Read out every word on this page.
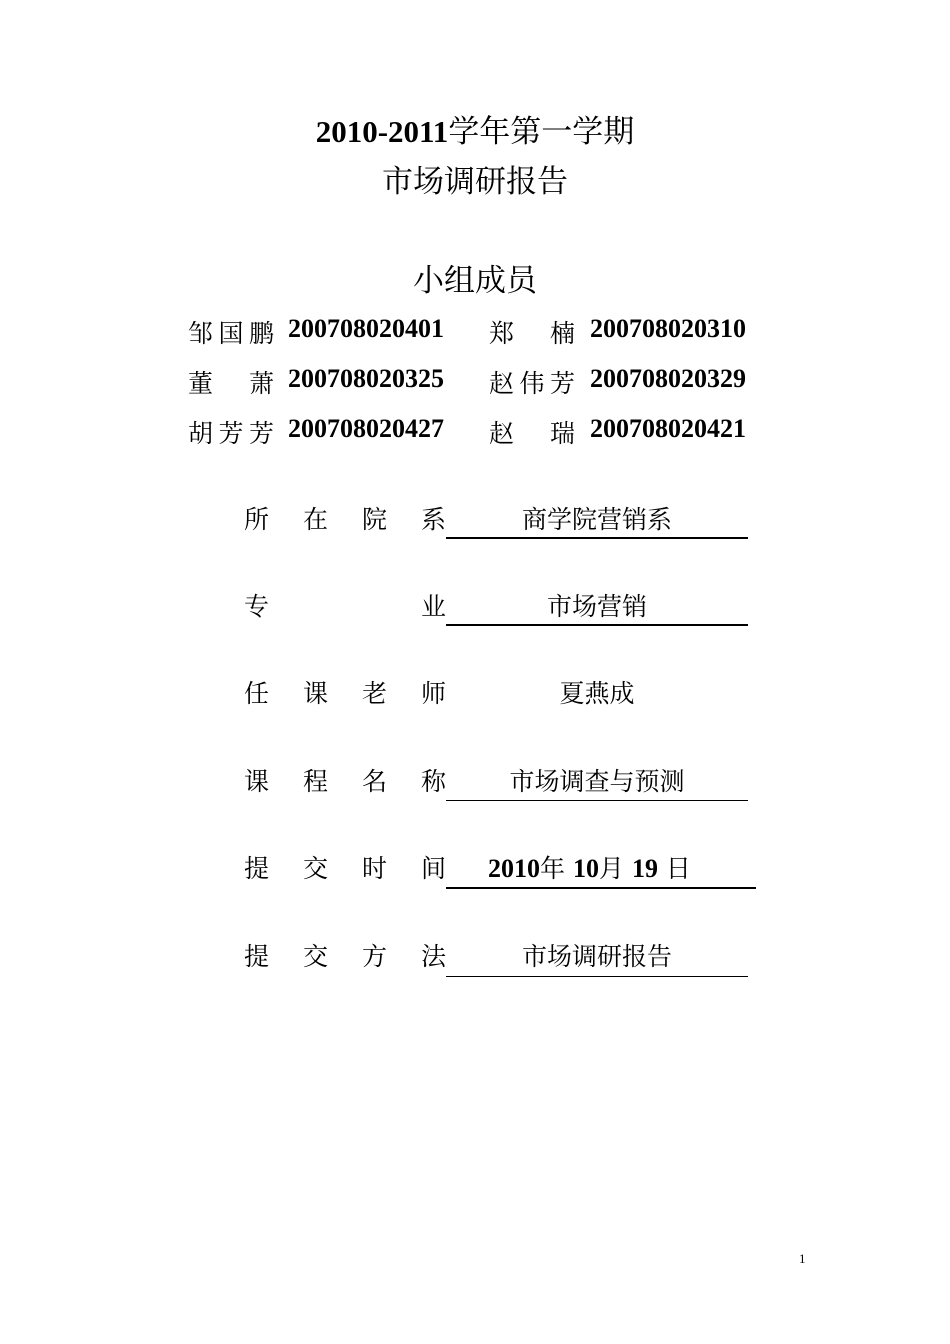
2010-2011学年第一学期
市场调研报告
小组成员
邹 国 鹏 200708020401 郑 楠 200708020310
董 萧 200708020325 赵 伟 芳 200708020329
胡 芳 芳 200708020427 赵 瑞 200708020421
所 在 院 系	商学院营销系
专	业	市场营销
任 课 老 师	夏燕成
课 程 名 称	市场调查与预测
提 交 时 间 2010年 10月 19 日
提 交 方 法	市场调研报告
1
